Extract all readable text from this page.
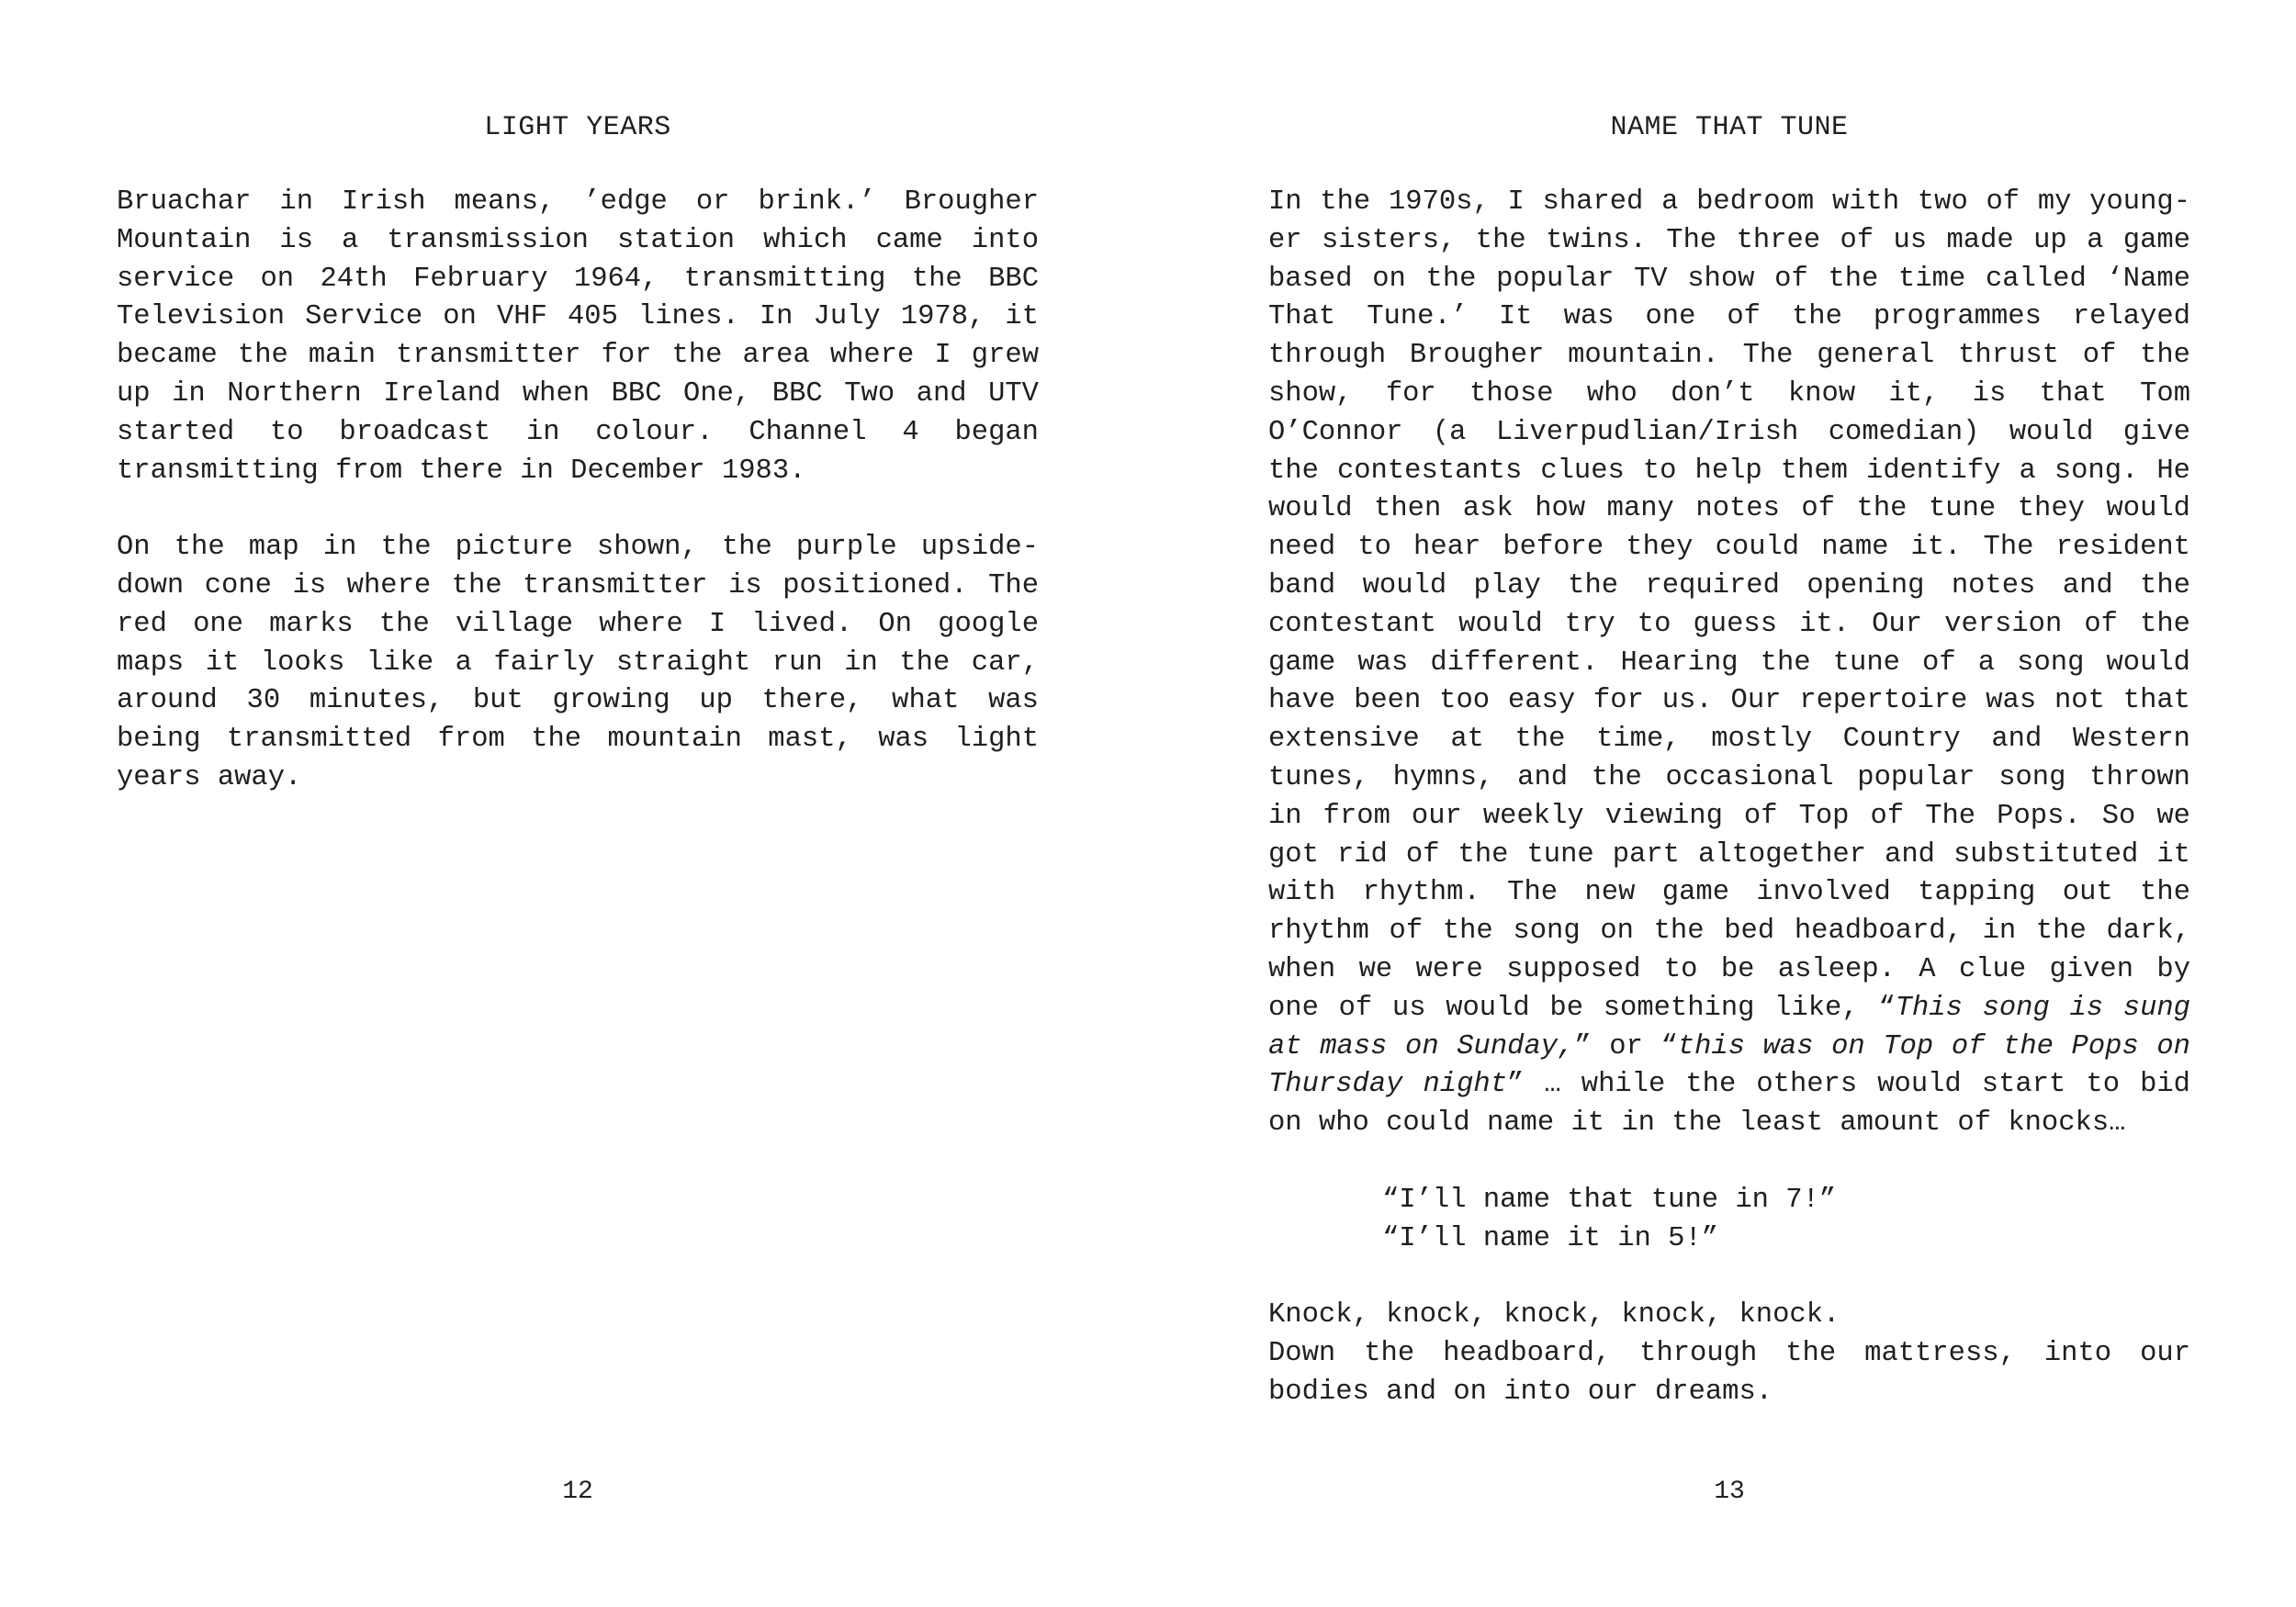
LIGHT YEARS

Bruachar in Irish means, ’edge or brink.’ Brougher Mountain is a transmission station which came into service on 24th February 1964, transmitting the BBC Television Service on VHF 405 lines. In July 1978, it became the main transmitter for the area where I grew up in Northern Ireland when BBC One, BBC Two and UTV started to broadcast in colour. Channel 4 began transmitting from there in December 1983.

On the map in the picture shown, the purple upside-down cone is where the transmitter is positioned. The red one marks the village where I lived. On google maps it looks like a fairly straight run in the car, around 30 minutes, but growing up there, what was being transmitted from the mountain mast, was light years away.

12
NAME THAT TUNE

In the 1970s, I shared a bedroom with two of my younger sisters, the twins. The three of us made up a game based on the popular TV show of the time called ‘Name That Tune.’ It was one of the programmes relayed through Brougher mountain. The general thrust of the show, for those who don’t know it, is that Tom O’Connor (a Liverpudlian/Irish comedian) would give the contestants clues to help them identify a song. He would then ask how many notes of the tune they would need to hear before they could name it. The resident band would play the required opening notes and the contestant would try to guess it. Our version of the game was different. Hearing the tune of a song would have been too easy for us. Our repertoire was not that extensive at the time, mostly Country and Western tunes, hymns, and the occasional popular song thrown in from our weekly viewing of Top of The Pops. So we got rid of the tune part altogether and substituted it with rhythm. The new game involved tapping out the rhythm of the song on the bed headboard, in the dark, when we were supposed to be asleep. A clue given by one of us would be something like, “This song is sung at mass on Sunday,” or “this was on Top of the Pops on Thursday night” … while the others would start to bid on who could name it in the least amount of knocks…

“I’ll name that tune in 7!”
“I’ll name it in 5!”
Knock, knock, knock, knock, knock.
Down the headboard, through the mattress, into our bodies and on into our dreams.
13
